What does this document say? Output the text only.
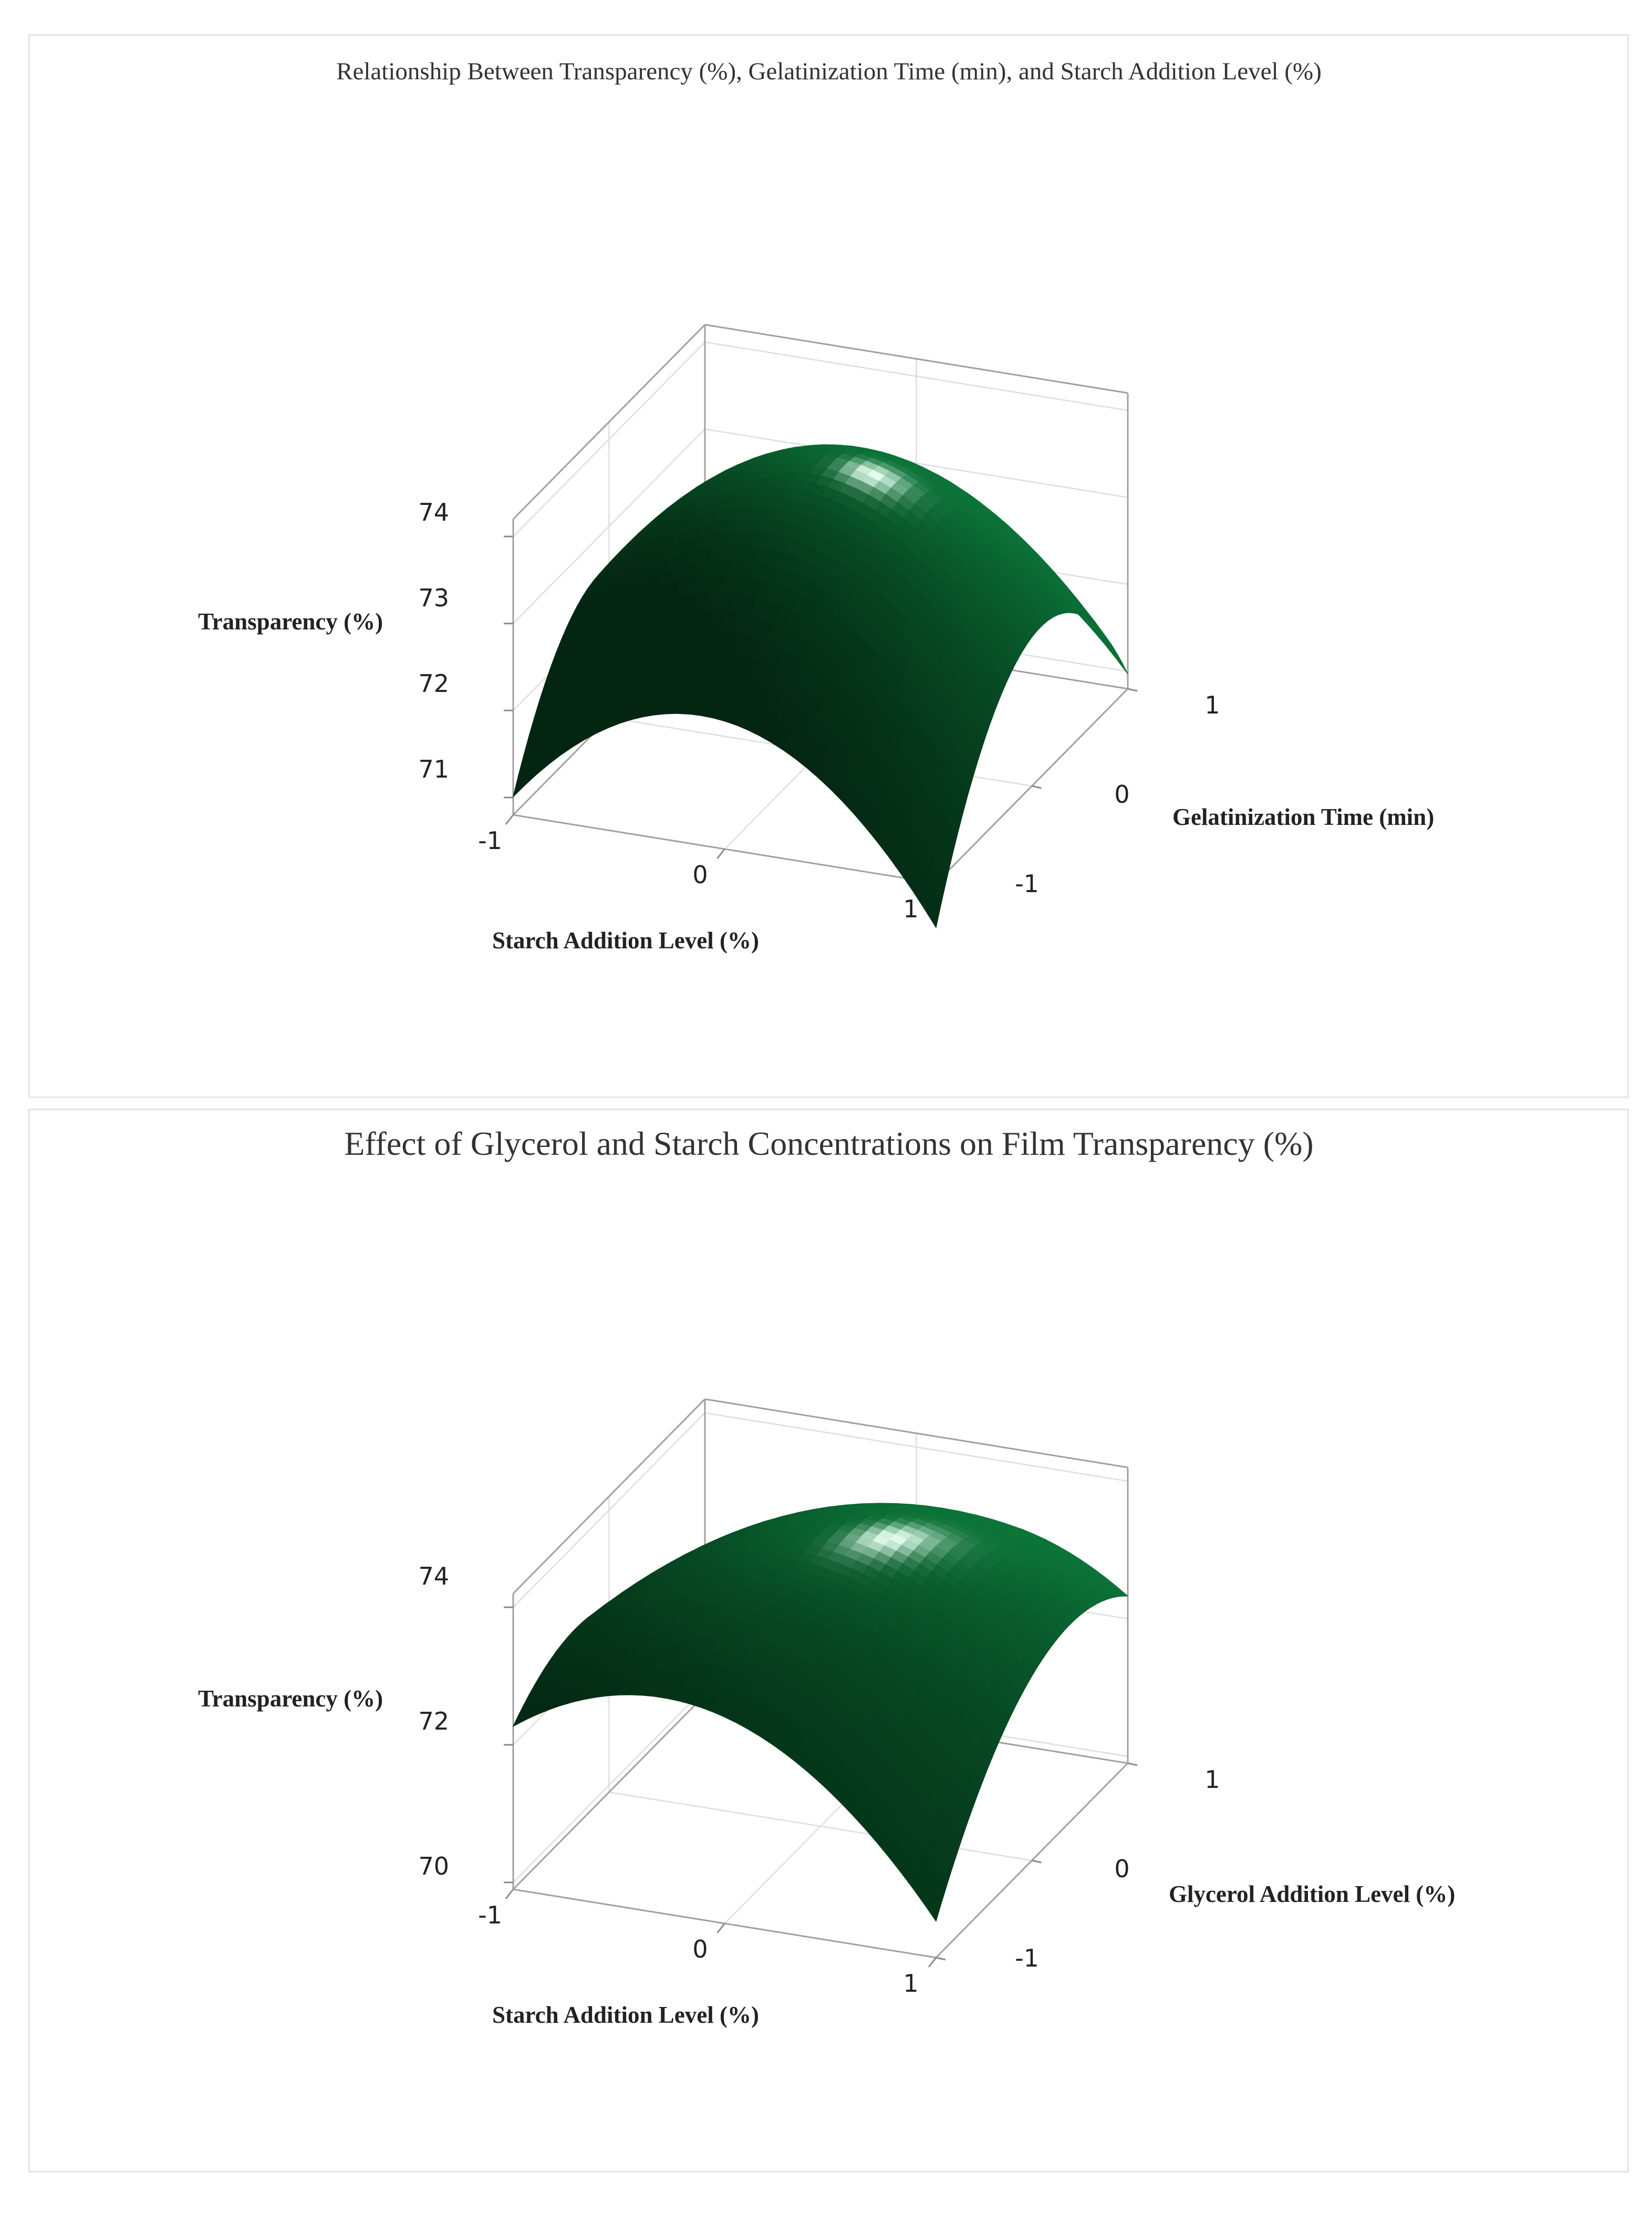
Relationship Between Transparency (%), Gelatinization Time (min), and Starch Addition Level (%)
74
73
72
71
-1
0
1
-1
0
1
Transparency (%)
Starch Addition Level (%)
Gelatinization Time (min)
Effect of Glycerol and Starch Concentrations on Film Transparency (%)
74
72
70
-1
0
1
-1
0
1
Transparency (%)
Starch Addition Level (%)
Glycerol Addition Level (%)
